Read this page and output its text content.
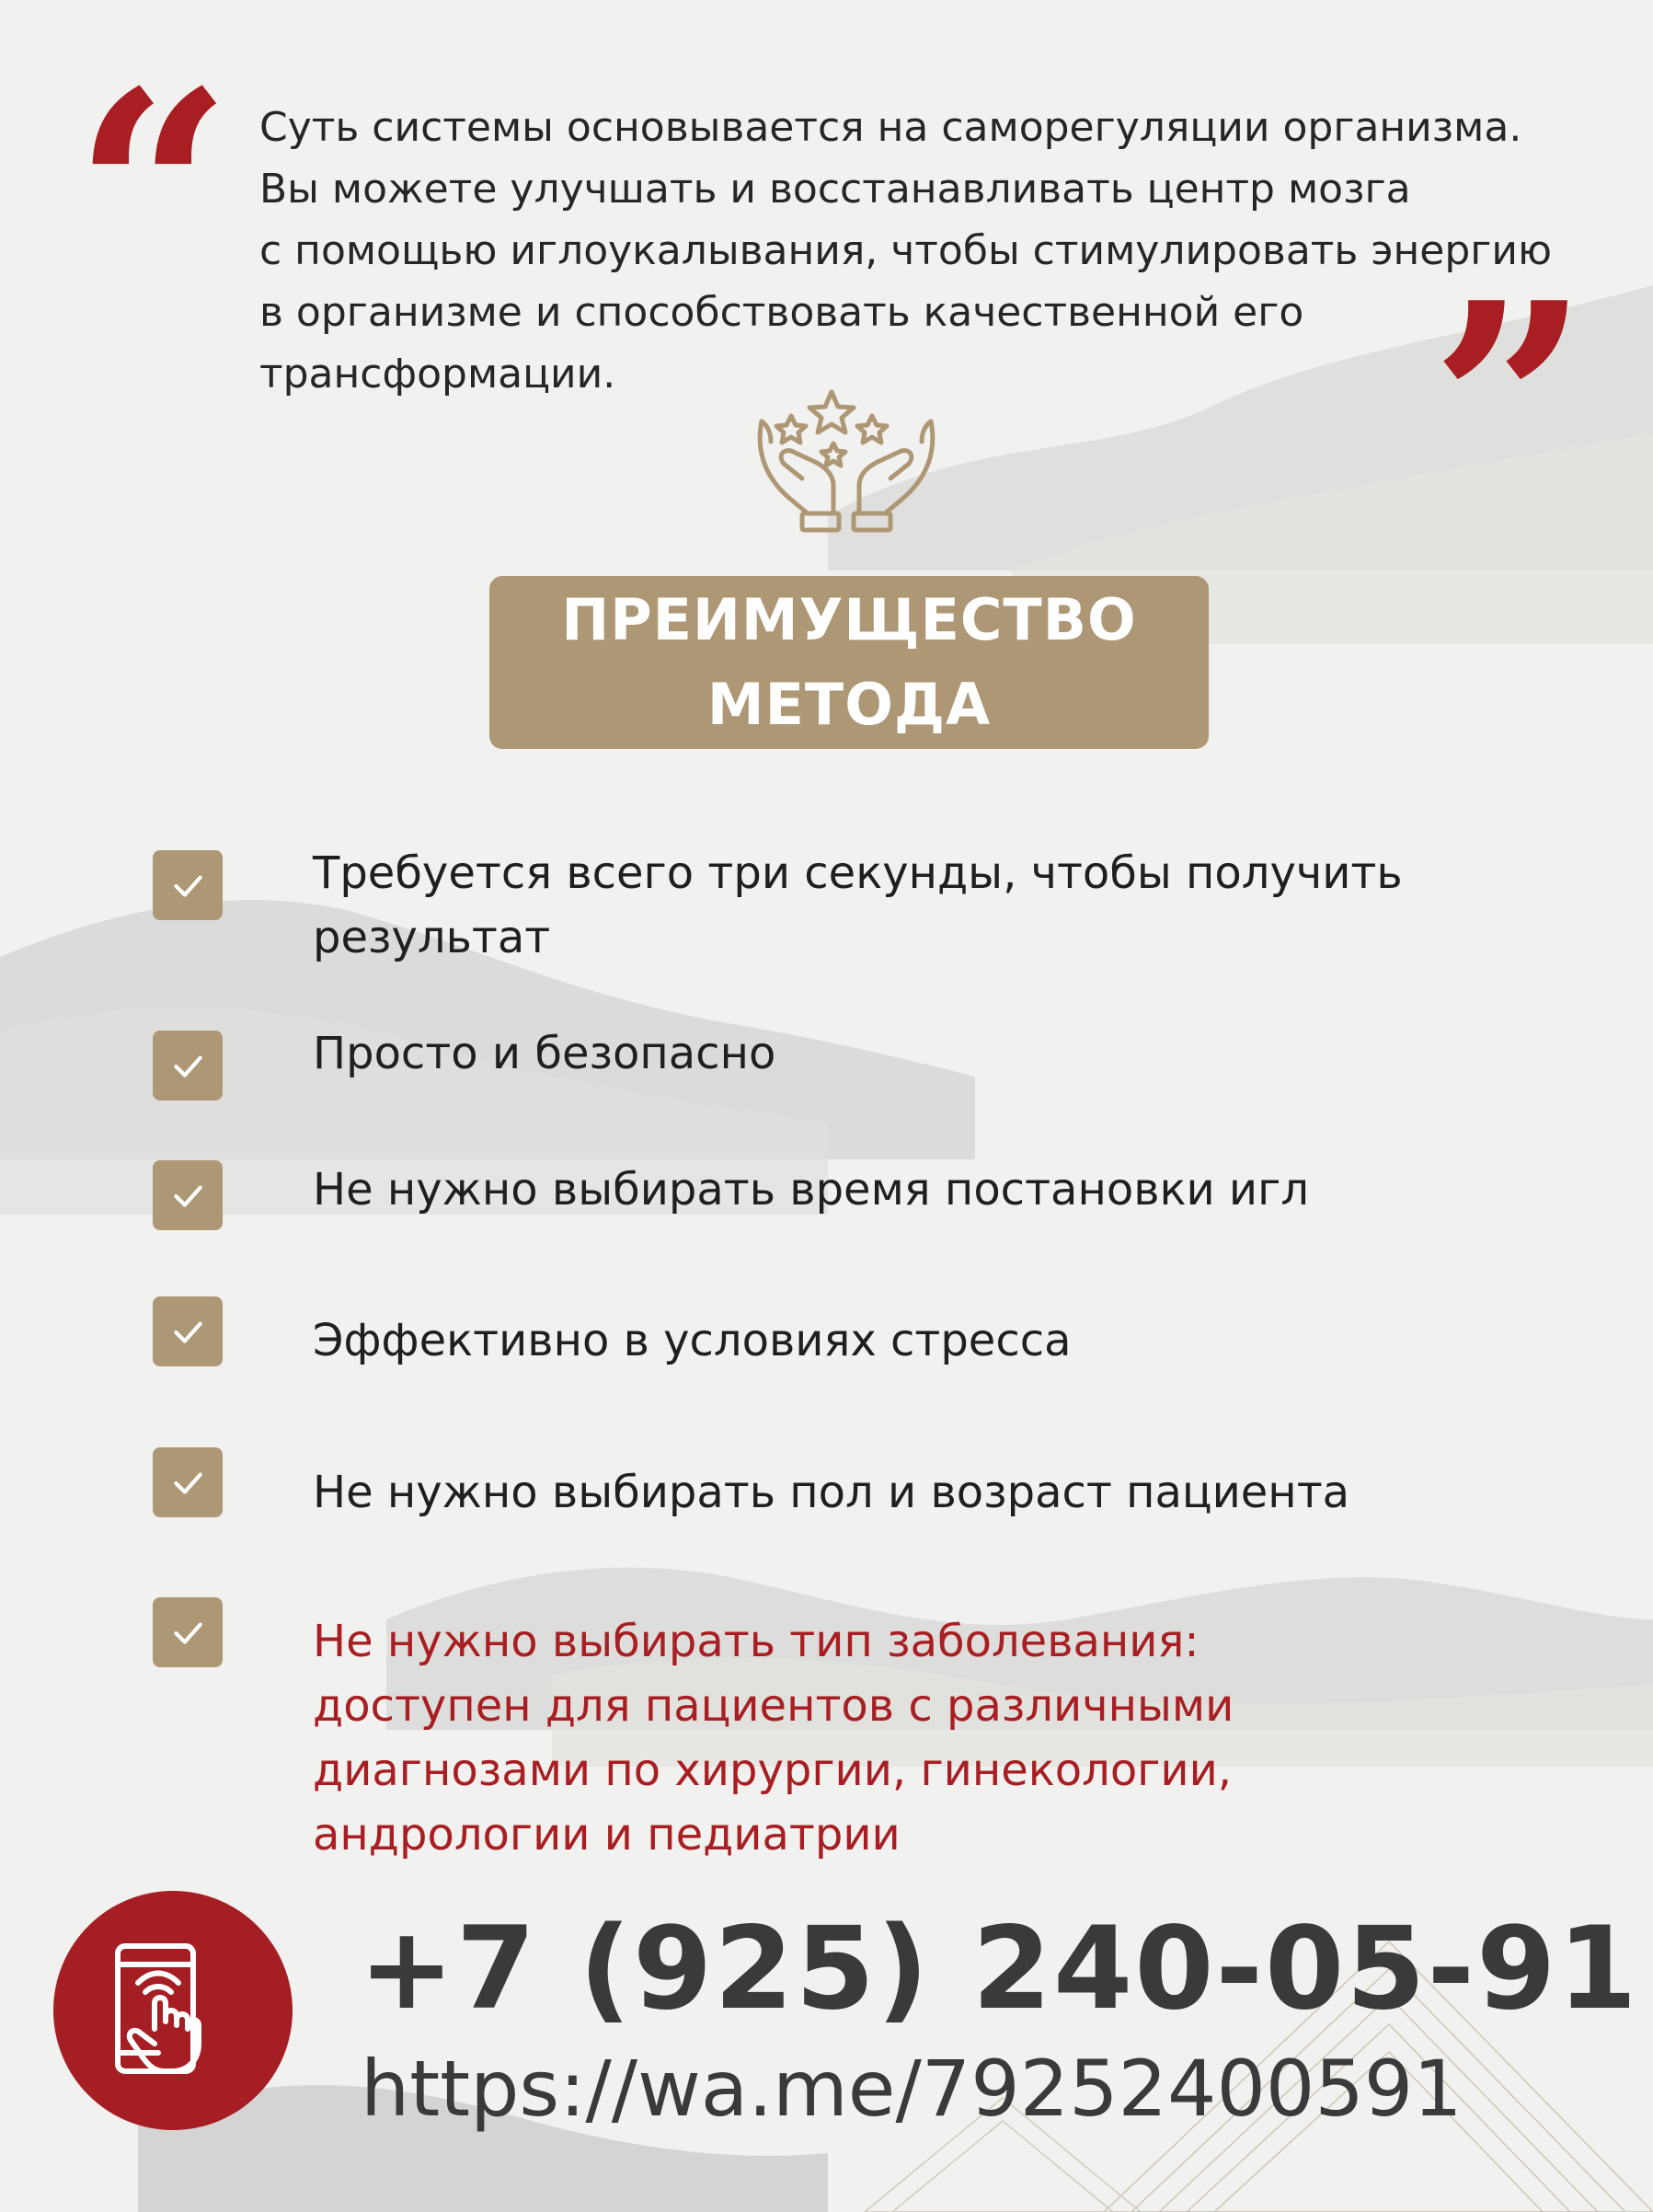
“ Суть системы основывается на саморегуляции организма.
Вы можете улучшать и восстанавливать центр мозга
с помощью иглоукалывания, чтобы стимулировать энергию
в организме и способствовать качественной его
трансформации.	”
ПРЕИМУЩЕСТВО
МЕТОДА
Требуется всего три секунды, чтобы получить
результат
Просто и безопасно
Не нужно выбирать время постановки игл
Эффективно в условиях стресса
Не нужно выбирать пол и возраст пациента
Не нужно выбирать тип заболевания:
доступен для пациентов с различными
диагнозами по хирургии, гинекологии,
андрологии и педиатрии
+7 (925) 240-05-91
https://wa.me/79252400591
